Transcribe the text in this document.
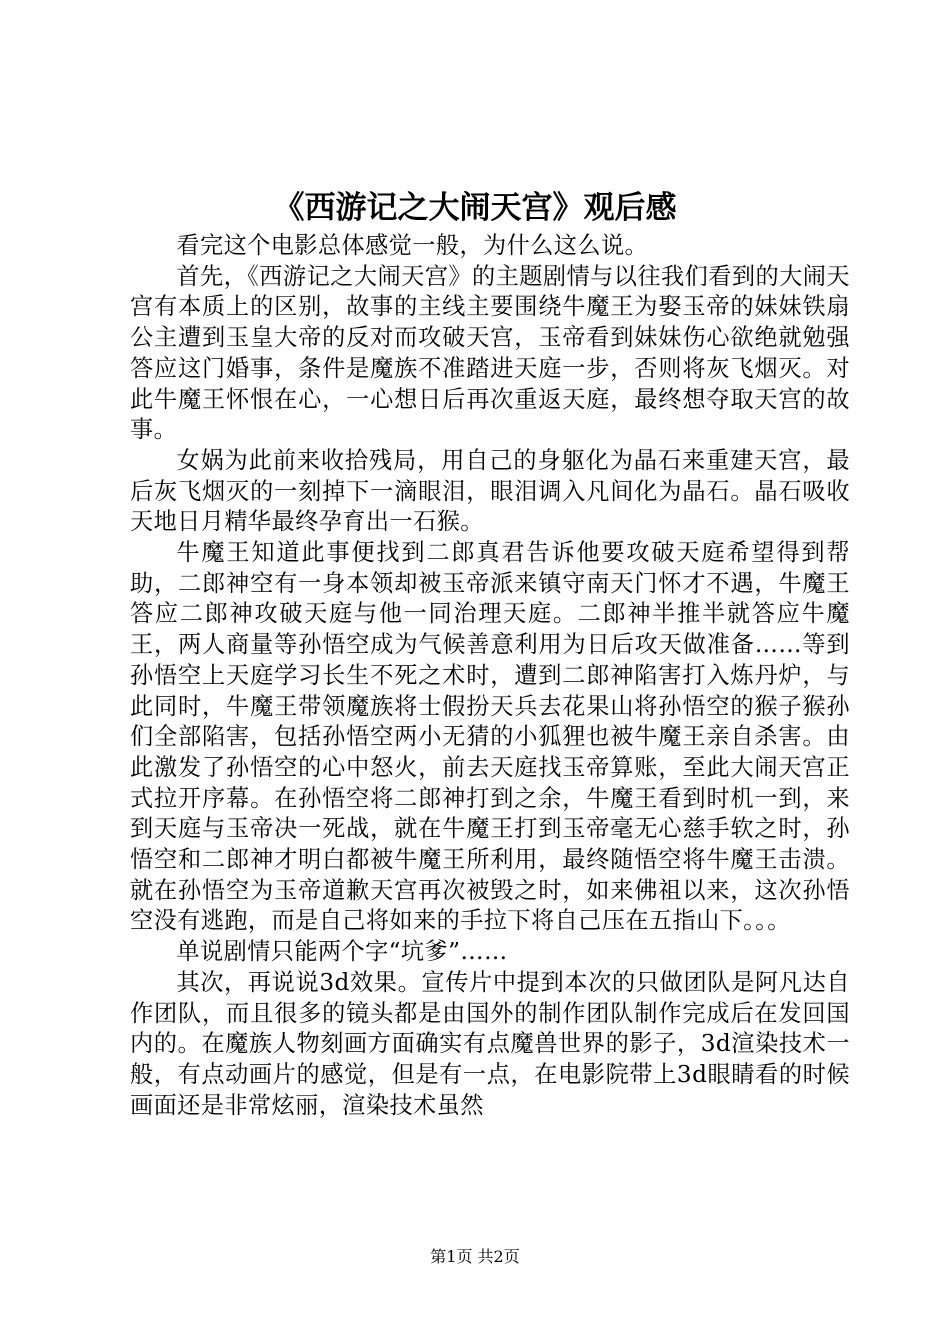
《西游记之大闹天宫》观后感

看完这个电影总体感觉一般，为什么这么说。

首先，《西游记之大闹天宫》的主题剧情与以往我们看到的大闹天宫有本质上的区别，故事的主线主要围绕牛魔王为娶玉帝的妹妹铁扇公主遭到玉皇大帝的反对而攻破天宫，玉帝看到妹妹伤心欲绝就勉强答应这门婚事，条件是魔族不准踏进天庭一步，否则将灰飞烟灭。对此牛魔王怀恨在心，一心想日后再次重返天庭，最终想夺取天宫的故事。

女娲为此前来收拾残局，用自己的身躯化为晶石来重建天宫，最后灰飞烟灭的一刻掉下一滴眼泪，眼泪调入凡间化为晶石。晶石吸收天地日月精华最终孕育出一石猴。

牛魔王知道此事便找到二郎真君告诉他要攻破天庭希望得到帮助，二郎神空有一身本领却被玉帝派来镇守南天门怀才不遇，牛魔王答应二郎神攻破天庭与他一同治理天庭。二郎神半推半就答应牛魔王，两人商量等孙悟空成为气候善意利用为日后攻天做准备……等到孙悟空上天庭学习长生不死之术时，遭到二郎神陷害打入炼丹炉，与此同时，牛魔王带领魔族将士假扮天兵去花果山将孙悟空的猴子猴孙们全部陷害，包括孙悟空两小无猜的小狐狸也被牛魔王亲自杀害。由此激发了孙悟空的心中怒火，前去天庭找玉帝算账，至此大闹天宫正式拉开序幕。在孙悟空将二郎神打到之余，牛魔王看到时机一到，来到天庭与玉帝决一死战，就在牛魔王打到玉帝毫无心慈手软之时，孙悟空和二郎神才明白都被牛魔王所利用，最终随悟空将牛魔王击溃。就在孙悟空为玉帝道歉天宫再次被毁之时，如来佛祖以来，这次孙悟空没有逃跑，而是自己将如来的手拉下将自己压在五指山下。。。

单说剧情只能两个字“坑爹”……

其次，再说说3d效果。宣传片中提到本次的只做团队是阿凡达自作团队，而且很多的镜头都是由国外的制作团队制作完成后在发回国内的。在魔族人物刻画方面确实有点魔兽世界的影子，3d渲染技术一般，有点动画片的感觉，但是有一点，在电影院带上3d眼睛看的时候画面还是非常炫丽，渲染技术虽然

第1页 共2页
